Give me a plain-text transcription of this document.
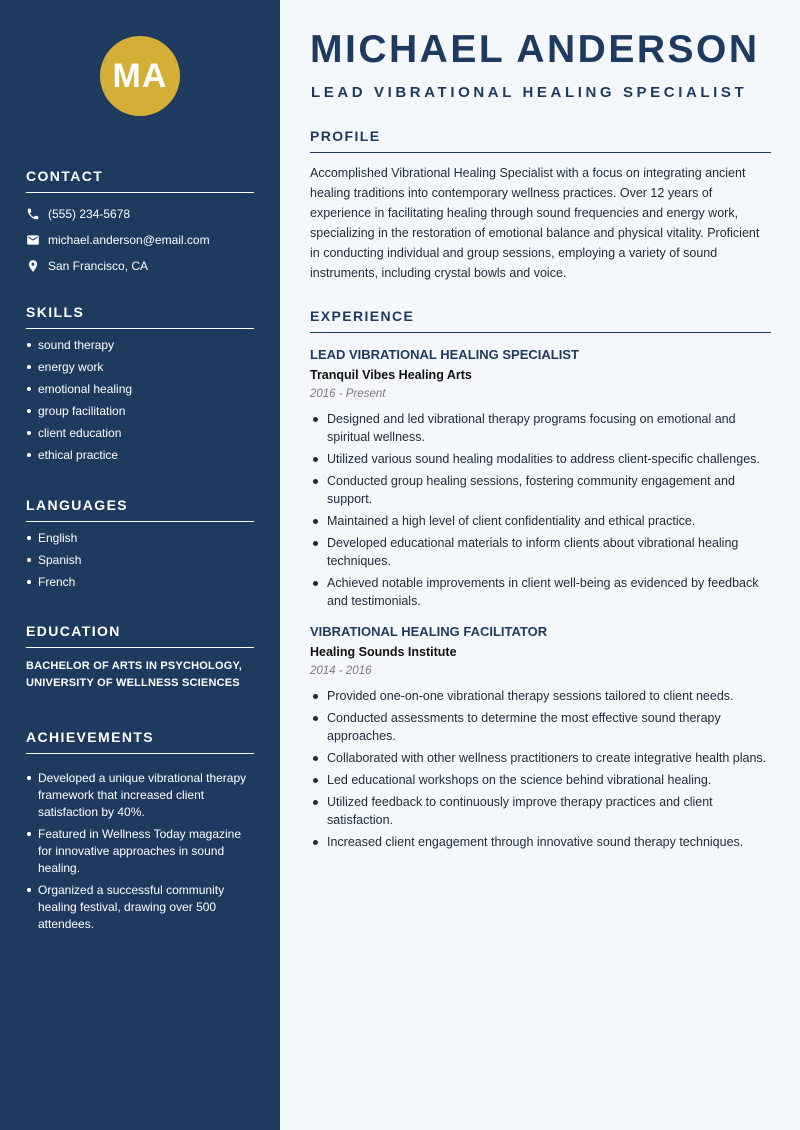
MA
CONTACT
(555) 234-5678
michael.anderson@email.com
San Francisco, CA
SKILLS
sound therapy
energy work
emotional healing
group facilitation
client education
ethical practice
LANGUAGES
English
Spanish
French
EDUCATION
BACHELOR OF ARTS IN PSYCHOLOGY,
UNIVERSITY OF WELLNESS SCIENCES
ACHIEVEMENTS
Developed a unique vibrational therapy framework that increased client satisfaction by 40%.
Featured in Wellness Today magazine for innovative approaches in sound healing.
Organized a successful community healing festival, drawing over 500 attendees.
MICHAEL ANDERSON
LEAD VIBRATIONAL HEALING SPECIALIST
PROFILE

Accomplished Vibrational Healing Specialist with a focus on integrating ancient healing traditions into contemporary wellness practices. Over 12 years of experience in facilitating healing through sound frequencies and energy work, specializing in the restoration of emotional balance and physical vitality. Proficient in conducting individual and group sessions, employing a variety of sound instruments, including crystal bowls and voice.

EXPERIENCE
LEAD VIBRATIONAL HEALING SPECIALIST

Tranquil Vibes Healing Arts

2016 - Present

Designed and led vibrational therapy programs focusing on emotional and spiritual wellness.
Utilized various sound healing modalities to address client-specific challenges.
Conducted group healing sessions, fostering community engagement and support.
Maintained a high level of client confidentiality and ethical practice.
Developed educational materials to inform clients about vibrational healing techniques.
Achieved notable improvements in client well-being as evidenced by feedback and testimonials.
VIBRATIONAL HEALING FACILITATOR

Healing Sounds Institute

2014 - 2016

Provided one-on-one vibrational therapy sessions tailored to client needs.
Conducted assessments to determine the most effective sound therapy approaches.
Collaborated with other wellness practitioners to create integrative health plans.
Led educational workshops on the science behind vibrational healing.
Utilized feedback to continuously improve therapy practices and client satisfaction.
Increased client engagement through innovative sound therapy techniques.
